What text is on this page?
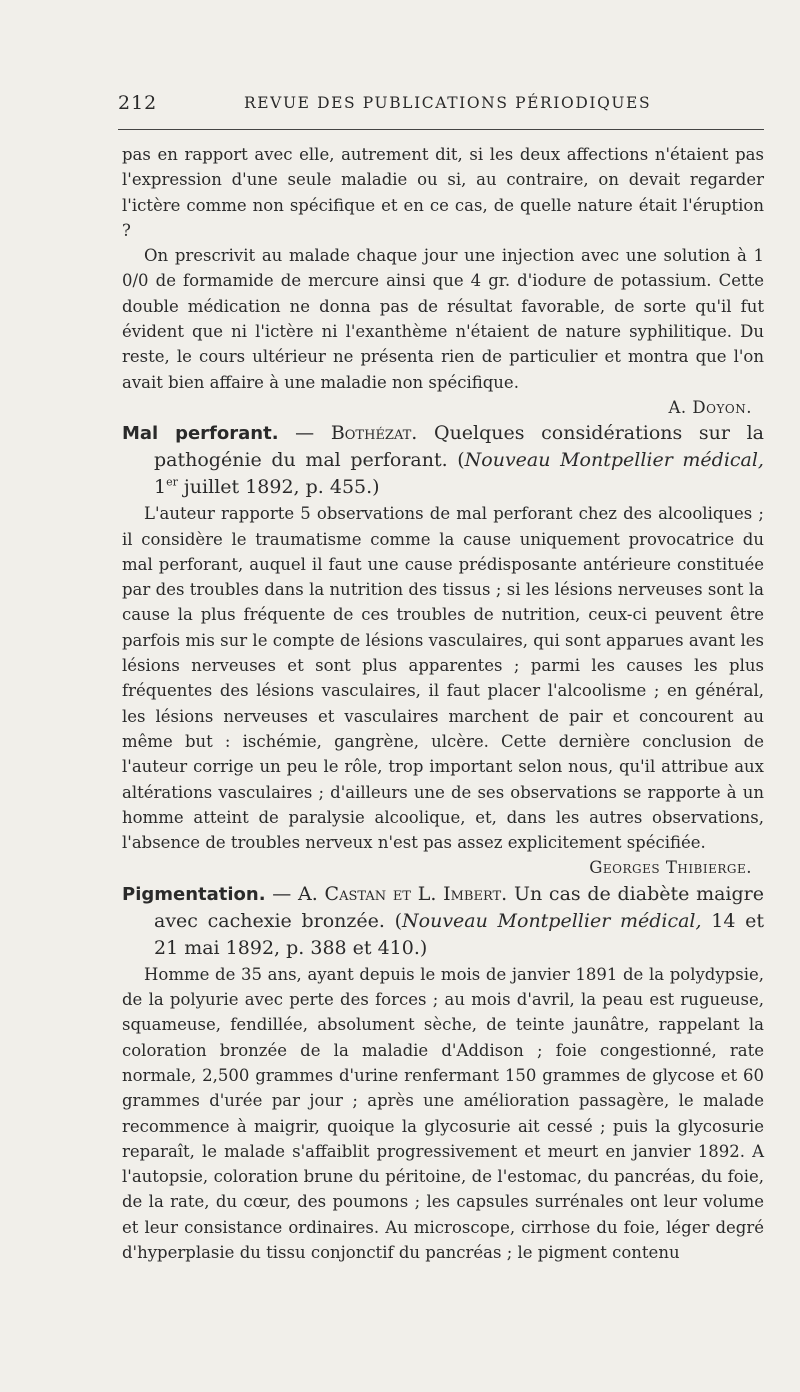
212	REVUE DES PUBLICATIONS PÉRIODIQUES

pas en rapport avec elle, autrement dit, si les deux affections n'étaient pas l'expression d'une seule maladie ou si, au contraire, on devait regarder l'ictère comme non spécifique et en ce cas, de quelle nature était l'éruption ?

On prescrivit au malade chaque jour une injection avec une solution à 1 0/0 de formamide de mercure ainsi que 4 gr. d'iodure de potassium. Cette double médication ne donna pas de résultat favorable, de sorte qu'il fut évident que ni l'ictère ni l'exanthème n'étaient de nature syphilitique. Du reste, le cours ultérieur ne présenta rien de particulier et montra que l'on avait bien affaire à une maladie non spécifique.

A. Doyon.

Mal perforant. — Bothézat. Quelques considérations sur la pathogénie du mal perforant. (Nouveau Montpellier médical, 1er juillet 1892, p. 455.)

L'auteur rapporte 5 observations de mal perforant chez des alcooliques ; il considère le traumatisme comme la cause uniquement provocatrice du mal perforant, auquel il faut une cause prédisposante antérieure constituée par des troubles dans la nutrition des tissus ; si les lésions nerveuses sont la cause la plus fréquente de ces troubles de nutrition, ceux-ci peuvent être parfois mis sur le compte de lésions vasculaires, qui sont apparues avant les lésions nerveuses et sont plus apparentes ; parmi les causes les plus fréquentes des lésions vasculaires, il faut placer l'alcoolisme ; en général, les lésions nerveuses et vasculaires marchent de pair et concourent au même but : ischémie, gangrène, ulcère. Cette dernière conclusion de l'auteur corrige un peu le rôle, trop important selon nous, qu'il attribue aux altérations vasculaires ; d'ailleurs une de ses observations se rapporte à un homme atteint de paralysie alcoolique, et, dans les autres observations, l'absence de troubles nerveux n'est pas assez explicitement spécifiée.

Georges Thibierge.

Pigmentation. — A. Castan et L. Imbert. Un cas de diabète maigre avec cachexie bronzée. (Nouveau Montpellier médical, 14 et 21 mai 1892, p. 388 et 410.)

Homme de 35 ans, ayant depuis le mois de janvier 1891 de la polydypsie, de la polyurie avec perte des forces ; au mois d'avril, la peau est rugueuse, squameuse, fendillée, absolument sèche, de teinte jaunâtre, rappelant la coloration bronzée de la maladie d'Addison ; foie congestionné, rate normale, 2,500 grammes d'urine renfermant 150 grammes de glycose et 60 grammes d'urée par jour ; après une amélioration passagère, le malade recommence à maigrir, quoique la glycosurie ait cessé ; puis la glycosurie reparaît, le malade s'affaiblit progressivement et meurt en janvier 1892. A l'autopsie, coloration brune du péritoine, de l'estomac, du pancréas, du foie, de la rate, du cœur, des poumons ; les capsules surrénales ont leur volume et leur consistance ordinaires. Au microscope, cirrhose du foie, léger degré d'hyperplasie du tissu conjonctif du pancréas ; le pigment contenu
